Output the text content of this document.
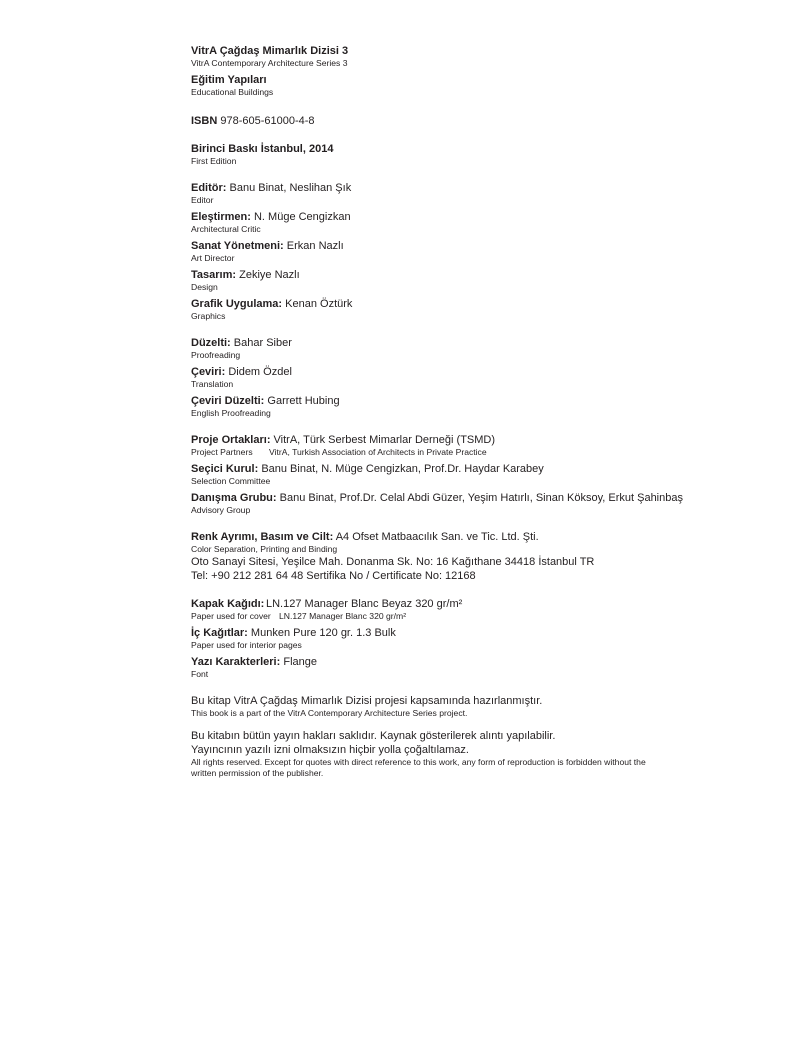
VitrA Çağdaş Mimarlık Dizisi 3
VitrA Contemporary Architecture Series 3
Eğitim Yapıları
Educational Buildings
ISBN 978-605-61000-4-8
Birinci Baskı İstanbul, 2014
First Edition
Editör: Banu Binat, Neslihan Şık
Editor
Eleştirmen: N. Müge Cengizkan
Architectural Critic
Sanat Yönetmeni: Erkan Nazlı
Art Director
Tasarım: Zekiye Nazlı
Design
Grafik Uygulama: Kenan Öztürk
Graphics
Düzelti: Bahar Siber
Proofreading
Çeviri: Didem Özdel
Translation
Çeviri Düzelti: Garrett Hubing
English Proofreading
Proje Ortakları: VitrA, Türk Serbest Mimarlar Derneği (TSMD)
Project Partners VitrA, Turkish Association of Architects in Private Practice
Seçici Kurul: Banu Binat, N. Müge Cengizkan, Prof.Dr. Haydar Karabey
Selection Committee
Danışma Grubu: Banu Binat, Prof.Dr. Celal Abdi Güzer, Yeşim Hatırlı, Sinan Köksoy, Erkut Şahinbaş
Advisory Group
Renk Ayrımı, Basım ve Cilt: A4 Ofset Matbaacılık San. ve Tic. Ltd. Şti.
Color Separation, Printing and Binding
Oto Sanayi Sitesi, Yeşilce Mah. Donanma Sk. No: 16 Kağıthane 34418 İstanbul TR
Tel: +90 212 281 64 48 Sertifika No / Certificate No: 12168
Kapak Kağıdı: LN.127 Manager Blanc Beyaz 320 gr/m²
Paper used for cover LN.127 Manager Blanc 320 gr/m²
İç Kağıtlar: Munken Pure 120 gr. 1.3 Bulk
Paper used for interior pages
Yazı Karakterleri: Flange
Font
Bu kitap VitrA Çağdaş Mimarlık Dizisi projesi kapsamında hazırlanmıştır.
This book is a part of the VitrA Contemporary Architecture Series project.
Bu kitabın bütün yayın hakları saklıdır. Kaynak gösterilerek alıntı yapılabilir.
Yayıncının yazılı izni olmaksızın hiçbir yolla çoğaltılamaz.
All rights reserved. Except for quotes with direct reference to this work, any form of reproduction is forbidden without the written permission of the publisher.
